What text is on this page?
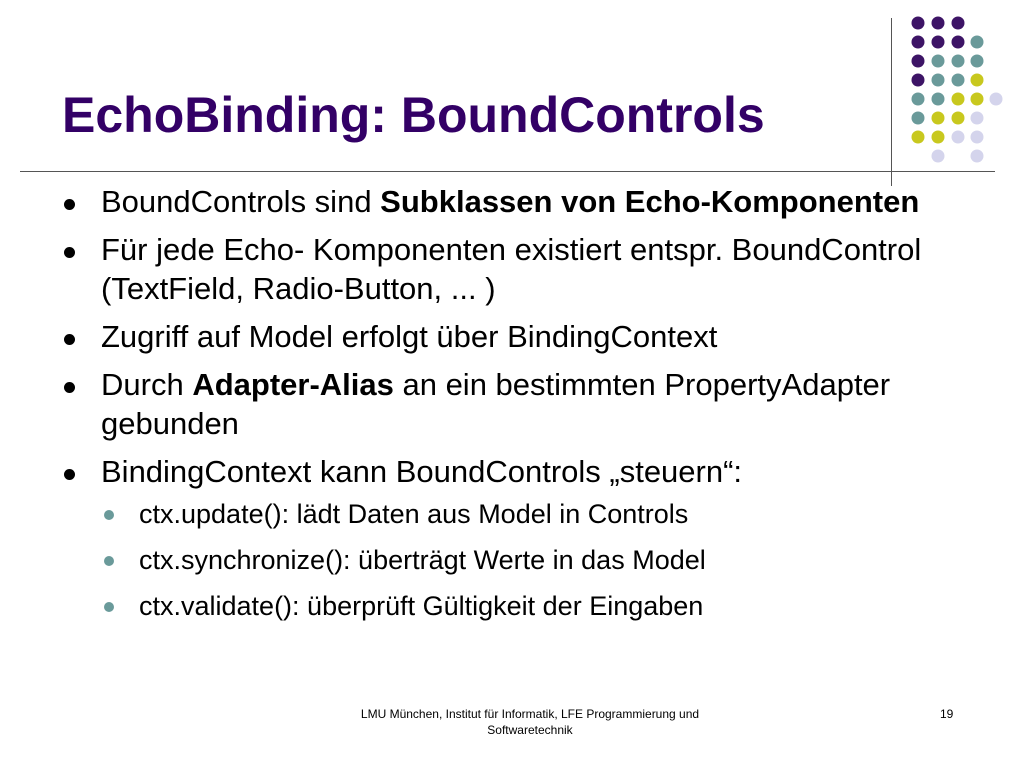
EchoBinding: BoundControls
BoundControls sind Subklassen von Echo-Komponenten
Für jede Echo- Komponenten existiert entspr. BoundControl (TextField, Radio-Button, ... )
Zugriff auf Model erfolgt über BindingContext
Durch Adapter-Alias an ein bestimmten PropertyAdapter gebunden
BindingContext kann BoundControls „steuern“:
ctx.update(): lädt Daten aus Model in Controls
ctx.synchronize(): überträgt Werte in das Model
ctx.validate(): überprüft Gültigkeit der Eingaben
LMU München, Institut für Informatik, LFE Programmierung und
Softwaretechnik
19
